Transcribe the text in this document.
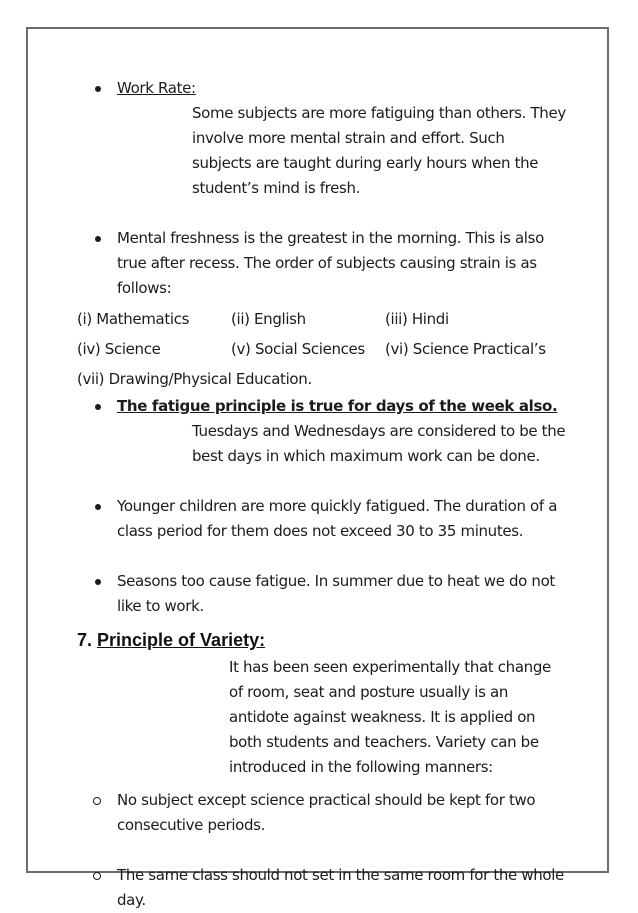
Work Rate:

Some subjects are more fatiguing than others. They involve more mental strain and effort. Such subjects are taught during early hours when the student’s mind is fresh.

Mental freshness is the greatest in the morning. This is also true after recess. The order of subjects causing strain is as follows:

(i) Mathematics	(ii) English	(iii) Hindi
(iv) Science	(v) Social Sciences	(vi) Science Practical’s
(vii) Drawing/Physical Education.
The fatigue principle is true for days of the week also.

Tuesdays and Wednesdays are considered to be the best days in which maximum work can be done.

Younger children are more quickly fatigued. The duration of a class period for them does not exceed 30 to 35 minutes.

Seasons too cause fatigue. In summer due to heat we do not like to work.

7. Principle of Variety:

It has been seen experimentally that change of room, seat and posture usually is an antidote against weakness. It is applied on both students and teachers. Variety can be introduced in the following manners:

No subject except science practical should be kept for two consecutive periods.

The same class should not set in the same room for the whole day.
